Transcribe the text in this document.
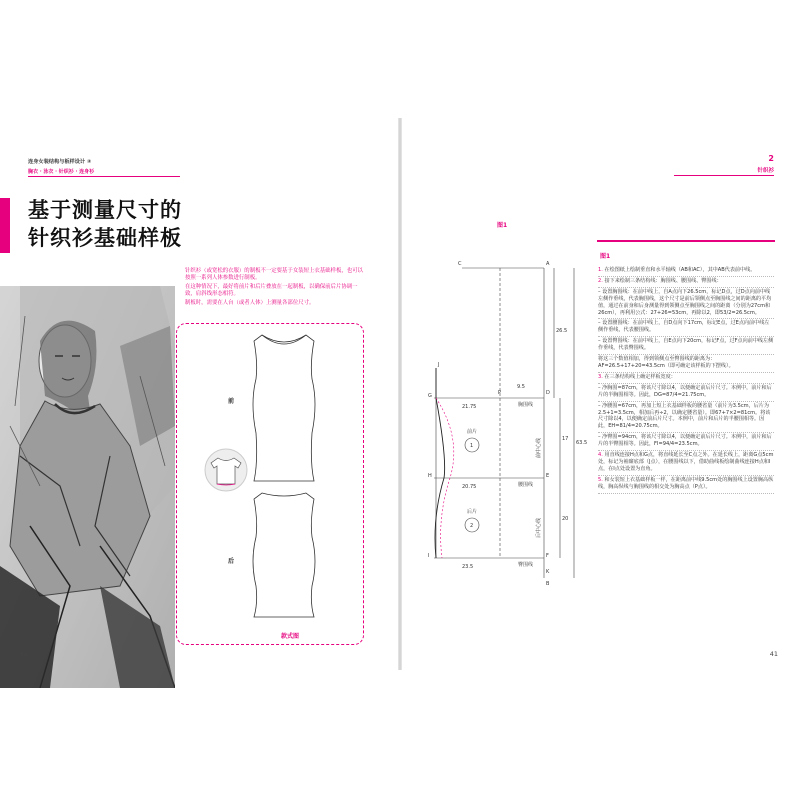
连身女装结构与板样设计 ②
胸衣 · 泳衣 · 针织衫 · 连身衫
基于测量尺寸的
针织衫基础样板

针织衫（或宽松的衣服）的制板不一定要基于女装短上衣基础样板，也可以按照一系列人体参数进行制板。

在这种情况下，最好将前片和后片叠放在一起制板，以确保前后片协调一致，肩斜线形态相符。

制板时，需要在人台（或者人体）上测量各部位尺寸。

前
后
款式图
40
2
针织衫
图1
C	A
J
G	P	D
H	E
I	F
B
K
26.5
9.5
21.75
17
63.5
20.75
20
23.5
前片
1
后片
2
胸围线
腰围线
臀围线
前中心线
后中心线
图1

1. 在绘图纸上绘制垂直和水平轴线（AB和AC），其中AB代表前中线。

2. 接下来绘制三条结构线：胸围线、腰围线、臀围线：

– 设置胸围线：在前中线上，自A点向下26.5cm，标记D点，过D点向前中线左侧作垂线，代表胸围线，这个尺寸是前后领侧点至胸围线之间的距离的平均值，通过在前身和后身测量得到领侧点至胸围线之间的距离（分别为27cm和26cm），再利用公式：27+26=53cm，再除以2，即53/2=26.5cm。

– 设置腰围线：在前中线上，自D点向下17cm，标记E点，过E点向前中线左侧作垂线，代表腰围线。

– 设置臀围线：在前中线上，自E点向下20cm，标记F点，过F点向前中线左侧作垂线，代表臀围线。

将这三个数值相加，得到领侧点至臀围线的距离为：AF=26.5+17+20=43.5cm（即可确定该样板的下摆线）。

3. 在三条结构线上确定样板宽度：

– 净胸围=87cm，将该尺寸除以4，以便确定前后片尺寸。本例中，前片和后片的半胸围相等。因此，DG=87/4=21.75cm。

– 净腰围=67cm，再加上短上衣基础样板的腰省量（前片为3.5cm，后片为2.5+1=3.5cm，相加后再÷2，以确定腰省量）。即67+7×2=81cm。将该尺寸除以4，以便确定前后片尺寸。本例中，前片和后片的半腰围相等。因此，EH=81/4=20.75cm。

– 净臀围=94cm，将该尺寸除以4，以便确定前后片尺寸。本例中，前片和后片的半臀围相等。因此，FI=94/4=23.5cm。

4. 用直线连接H点和G点，将直线延长至C点之外。在延长线上，距离G点5cm处，标记为袖窿底部（J点），在腰围线以下，借助曲线板绘制曲线连接H点和I点，在I点处设置为直角。

5. 和女装短上衣基础样板一样，在距离前中线9.5cm处的胸围线上设置胸高纵线，胸高纵线与胸围线的相交处为胸高点（P点）。

41
